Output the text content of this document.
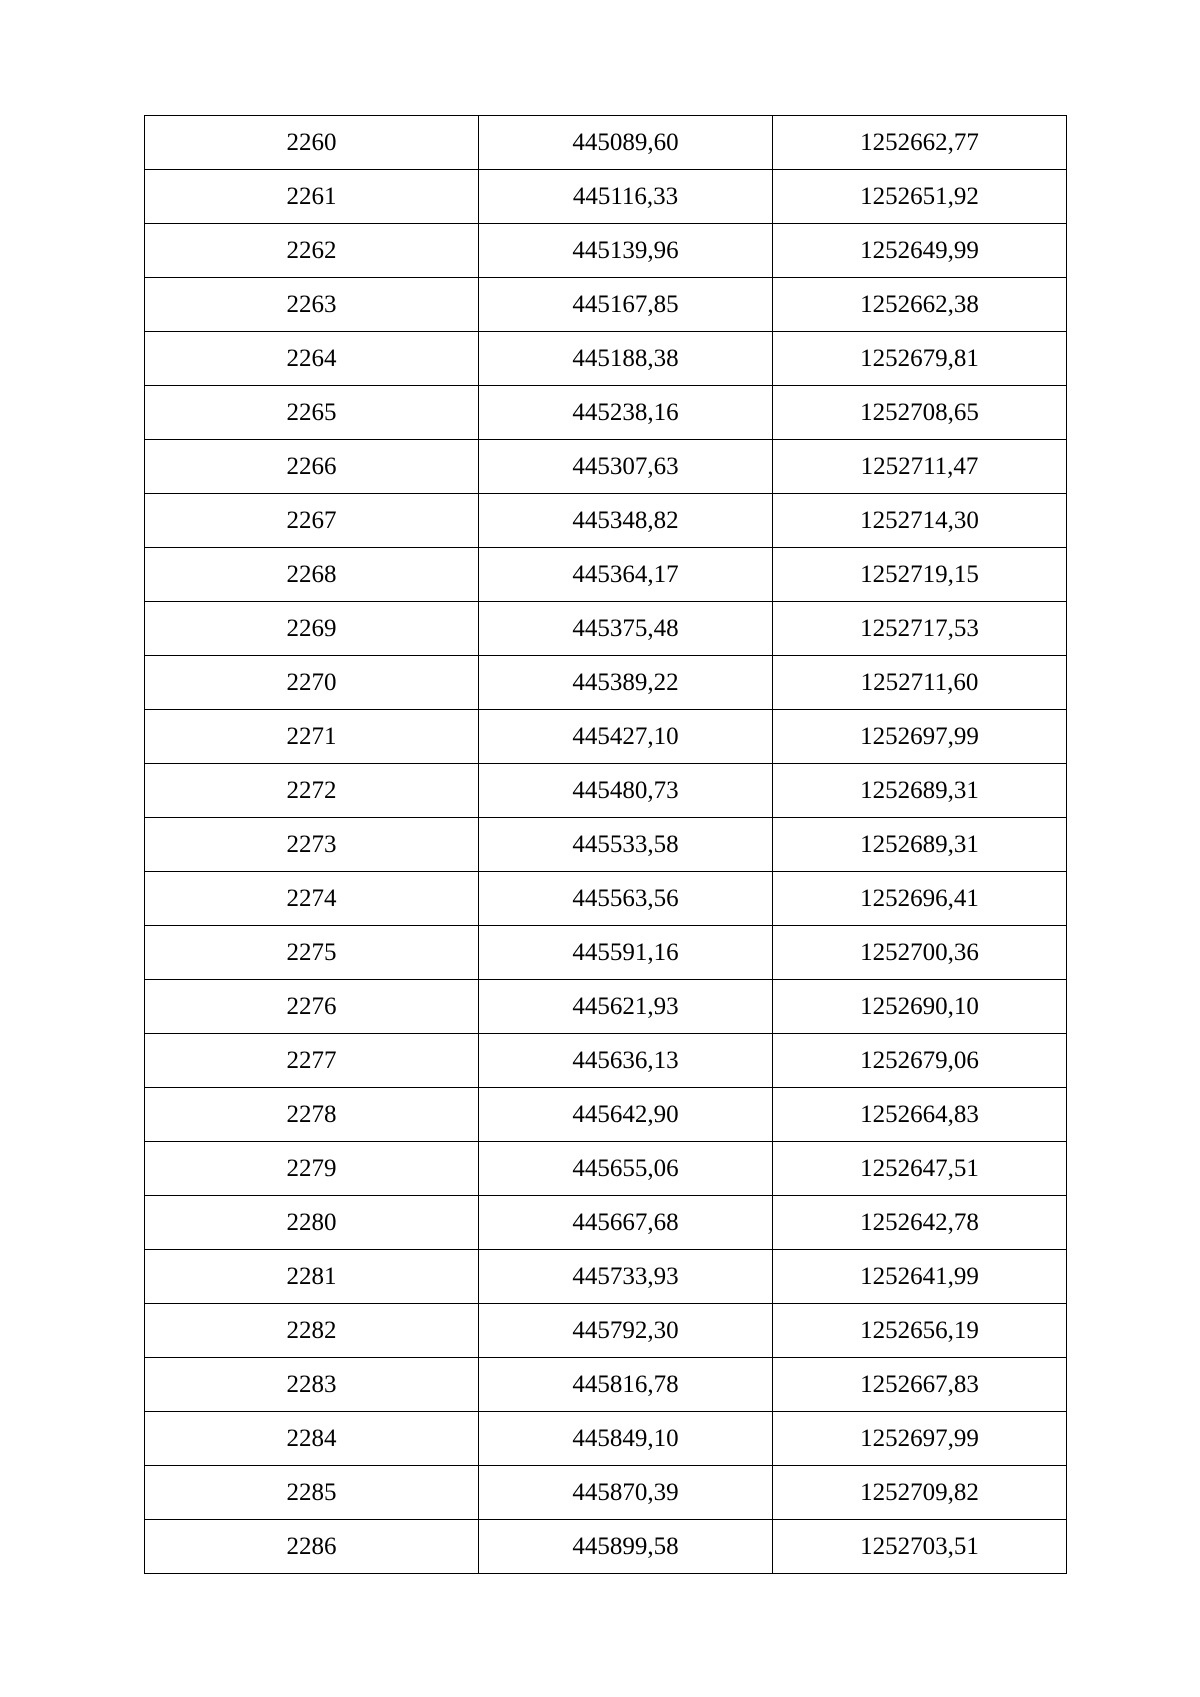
2260	445089,60	1252662,77
2261	445116,33	1252651,92
2262	445139,96	1252649,99
2263	445167,85	1252662,38
2264	445188,38	1252679,81
2265	445238,16	1252708,65
2266	445307,63	1252711,47
2267	445348,82	1252714,30
2268	445364,17	1252719,15
2269	445375,48	1252717,53
2270	445389,22	1252711,60
2271	445427,10	1252697,99
2272	445480,73	1252689,31
2273	445533,58	1252689,31
2274	445563,56	1252696,41
2275	445591,16	1252700,36
2276	445621,93	1252690,10
2277	445636,13	1252679,06
2278	445642,90	1252664,83
2279	445655,06	1252647,51
2280	445667,68	1252642,78
2281	445733,93	1252641,99
2282	445792,30	1252656,19
2283	445816,78	1252667,83
2284	445849,10	1252697,99
2285	445870,39	1252709,82
2286	445899,58	1252703,51
